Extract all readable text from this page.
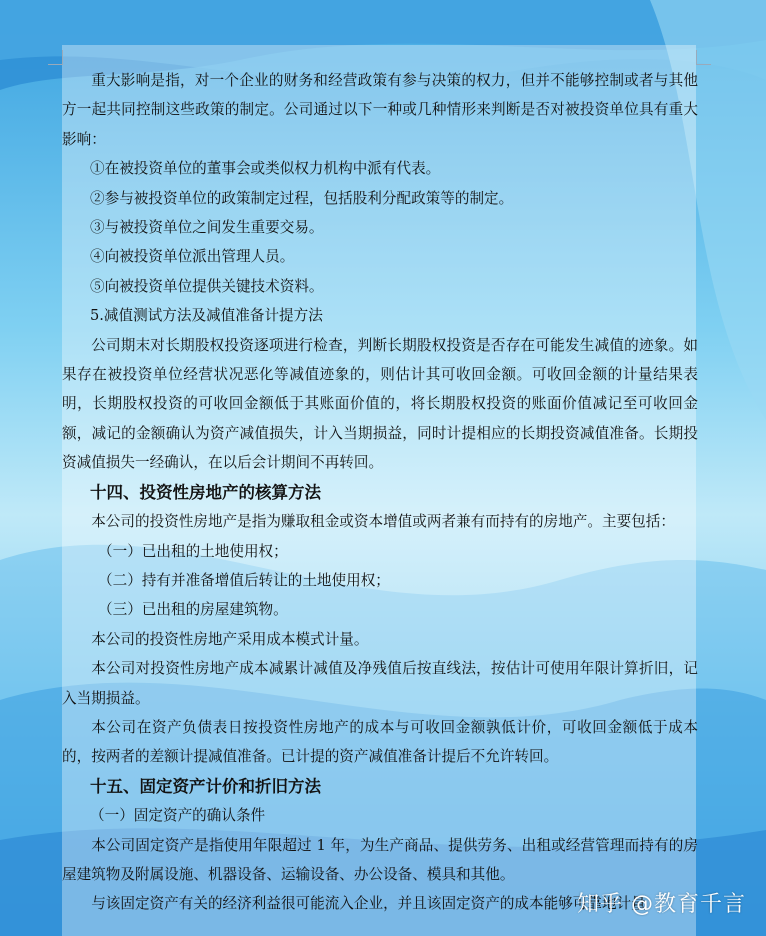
重大影响是指，对一个企业的财务和经营政策有参与决策的权力，但并不能够控制或者与其他方一起共同控制这些政策的制定。公司通过以下一种或几种情形来判断是否对被投资单位具有重大影响：

①在被投资单位的董事会或类似权力机构中派有代表。

②参与被投资单位的政策制定过程，包括股利分配政策等的制定。

③与被投资单位之间发生重要交易。

④向被投资单位派出管理人员。

⑤向被投资单位提供关键技术资料。

5.减值测试方法及减值准备计提方法

公司期末对长期股权投资逐项进行检查，判断长期股权投资是否存在可能发生减值的迹象。如果存在被投资单位经营状况恶化等减值迹象的，则估计其可收回金额。可收回金额的计量结果表明，长期股权投资的可收回金额低于其账面价值的，将长期股权投资的账面价值减记至可收回金额，减记的金额确认为资产减值损失，计入当期损益，同时计提相应的长期投资减值准备。长期投资减值损失一经确认，在以后会计期间不再转回。

十四、投资性房地产的核算方法

本公司的投资性房地产是指为赚取租金或资本增值或两者兼有而持有的房地产。主要包括：

（一）已出租的土地使用权；

（二）持有并准备增值后转让的土地使用权；

（三）已出租的房屋建筑物。

本公司的投资性房地产采用成本模式计量。

本公司对投资性房地产成本减累计减值及净残值后按直线法，按估计可使用年限计算折旧，记入当期损益。

本公司在资产负债表日按投资性房地产的成本与可收回金额孰低计价，可收回金额低于成本的，按两者的差额计提减值准备。已计提的资产减值准备计提后不允许转回。

十五、固定资产计价和折旧方法

（一）固定资产的确认条件

本公司固定资产是指使用年限超过 1 年，为生产商品、提供劳务、出租或经营管理而持有的房屋建筑物及附属设施、机器设备、运输设备、办公设备、模具和其他。

与该固定资产有关的经济利益很可能流入企业，并且该固定资产的成本能够可靠地计量

知乎 @教育千言
